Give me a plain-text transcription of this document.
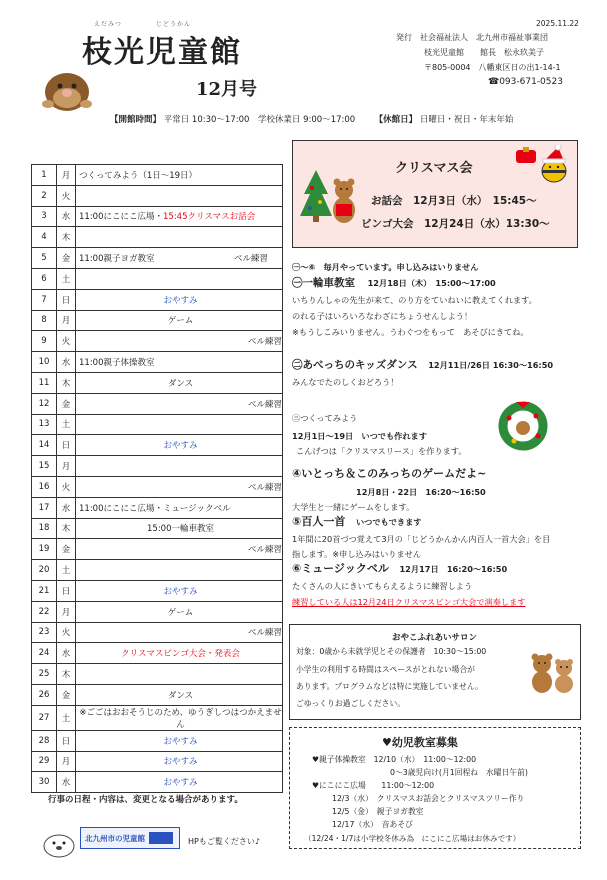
えだみつ	じどうかん
枝光児童館
12月号
2025.11.22
発行　社会福祉法人　北九州市福祉事業団
枝光児童館　　館長　松永玖美子
〒805-0004　八幡東区日の出1-14-1
☎093-671-0523
【開館時間】 平常日 10:30～17:00　学校休業日 9:00～17:00 【休館日】 日曜日・祝日・年末年始
1	月	つくってみよう（1日～19日）
2	火	
3	水	11:00にこにこ広場・15:45クリスマスお話会
4	木	
5	金	11:00親子ヨガ教室 ベル練習

6	土	
7	日	おやすみ
8	月	ゲーム
9	火	ベル練習
10	水	11:00親子体操教室
11	木	ダンス
12	金	ベル練習
13	土	
14	日	おやすみ
15	月	
16	火	ベル練習
17	水	11:00にこにこ広場・ミュージックベル
18	木	15:00一輪車教室
19	金	ベル練習
20	土	
21	日	おやすみ
22	月	ゲーム
23	火	ベル練習
24	水	クリスマスビンゴ大会・発表会
25	木	
26	金	ダンス
27	土	※ごごはおおそうじのため、ゆうぎしつはつかえません
28	日	おやすみ
29	月	おやすみ
30	水	おやすみ
行事の日程・内容は、変更となる場合があります。
北九州市の児童館	HPもご覧ください♪
クリスマス会
お話会　12月3日（水）　15:45～
ビンゴ大会　12月24日（水）13:30～
㊀～⑥　毎月やっています。申し込みはいりません
㊀一輪車教室 12月18日（木）　15:00～17:00
いちりんしゃの先生が来て、のり方をていねいに教えてくれます。
のれる子はいろいろなわざにちょうせんしよう！
※もうしこみいりません。うわぐつをもって　あそびにきてね。
㊁あべっちのキッズダンス 12月11日/26日 16:30～16:50
みんなでたのしくおどろう！
㊂つくってみよう
12月1日～19日　いつでも作れます
こんげつは「クリスマスリース」を作ります。
④いとっち＆このみっちのゲームだよ~
12月8日・22日　16:20～16:50
大学生と一緒にゲームをします。
⑤百人一首 いつでもできます
1年間に20首づつ覚えて3月の「じどうかんかん内百人一首大会」を目
指します。※申し込みはいりません
⑥ミュージックベル 12月17日　16:20～16:50
たくさんの人にきいてもらえるように練習しよう
練習している人は12月24日クリスマスビンゴ大会で演奏します
おやこふれあいサロン
対象：0歳から未就学児とその保護者　10:30～15:00
小学生の利用する時間はスペースがとれない場合が
あります。プログラムなどは特に実施していません。
ごゆっくりお過ごしください。
♥幼児教室募集
♥親子体操教室　12/10（水）　11:00～12:00
0～3歳児向け(月1回程ね　水曜日午前)
♥にこにこ広場　　11:00～12:00
12/3（水）　クリスマスお話会とクリスマスツリー作り
12/5（金）　親子ヨガ教室
12/17（水）　音あそび
（12/24・1/7は小学校冬休み為　にこにこ広場はお休みです）
